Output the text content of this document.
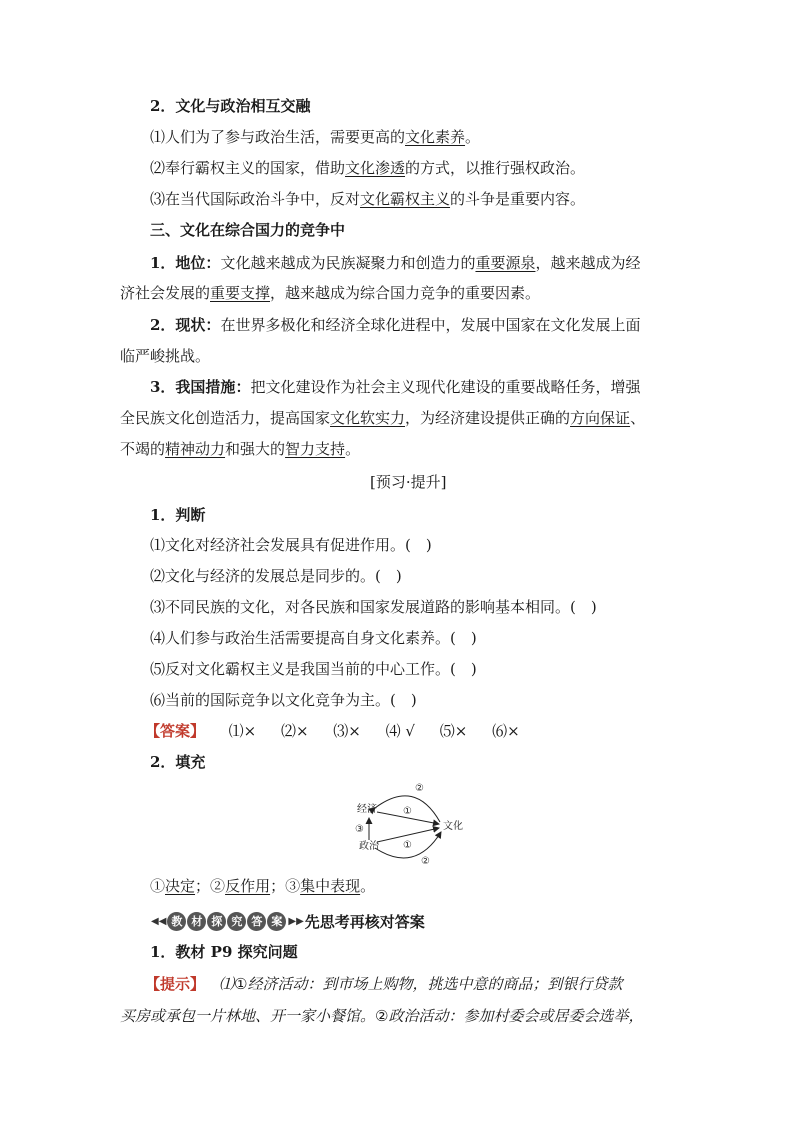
2．文化与政治相互交融
⑴人们为了参与政治生活，需要更高的文化素养。
⑵奉行霸权主义的国家，借助文化渗透的方式，以推行强权政治。
⑶在当代国际政治斗争中，反对文化霸权主义的斗争是重要内容。
三、文化在综合国力的竞争中
1．地位：文化越来越成为民族凝聚力和创造力的重要源泉，越来越成为经
济社会发展的重要支撑，越来越成为综合国力竞争的重要因素。
2．现状：在世界多极化和经济全球化进程中，发展中国家在文化发展上面
临严峻挑战。
3．我国措施：把文化建设作为社会主义现代化建设的重要战略任务，增强
全民族文化创造活力，提高国家文化软实力，为经济建设提供正确的方向保证、
不竭的精神动力和强大的智力支持。
[预习·提升]
1．判断
⑴文化对经济社会发展具有促进作用。(　)
⑵文化与经济的发展总是同步的。(　)
⑶不同民族的文化，对各民族和国家发展道路的影响基本相同。(　)
⑷人们参与政治生活需要提高自身文化素养。(　)
⑸反对文化霸权主义是我国当前的中心工作。(　)
⑹当前的国际竞争以文化竞争为主。(　)
【答案】 ⑴× ⑵× ⑶× ⑷ √ ⑸× ⑹×
2．填充
②
经济	①
文化
③
政治 ①
②
①决定；②反作用；③集中表现。
◀◀ 教 材 探 究 答 案 ▶▶ 先思考再核对答案
1．教材 P9 探究问题
【提示】 ⑴①经济活动：到市场上购物，挑选中意的商品；到银行贷款
买房或承包一片林地、开一家小餐馆。②政治活动：参加村委会或居委会选举，
